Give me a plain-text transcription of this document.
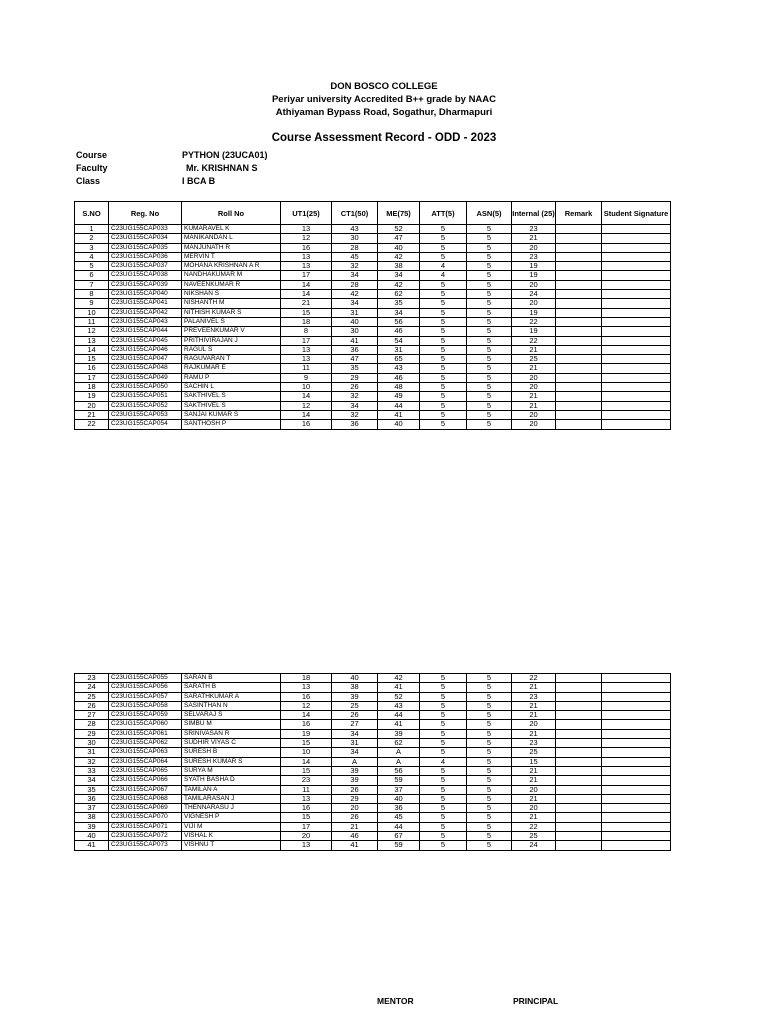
DON BOSCO COLLEGE
Periyar university Accredited B++ grade by NAAC
Athiyaman Bypass Road, Sogathur, Dharmapuri
Course Assessment Record - ODD - 2023
Course	PYTHON (23UCA01)
Faculty	Mr. KRISHNAN S
Class	I BCA B
S.NO	Reg. No	Roll No	UT1(25)	CT1(50)	ME(75)	ATT(5)	ASN(5)	Internal (25)	Remark	Student Signature
1	C23UG155CAP033	KUMARAVEL K	13	43	52	5	5	23		
2	C23UG155CAP034	MANIKANDAN L	12	30	47	5	5	21		
3	C23UG155CAP035	MANJUNATH R	16	28	40	5	5	20		
4	C23UG155CAP036	MERVIN T	13	45	42	5	5	23		
5	C23UG155CAP037	MOHANA KRISHNAN A R	13	32	38	4	5	19		
6	C23UG155CAP038	NANDHAKUMAR M	17	34	34	4	5	19		
7	C23UG155CAP039	NAVEENKUMAR R	14	28	42	5	5	20		
8	C23UG155CAP040	NIKSHAN S	14	42	62	5	5	24		
9	C23UG155CAP041	NISHANTH M	21	34	35	5	5	20		
10	C23UG155CAP042	NITHISH KUMAR S	15	31	34	5	5	19		
11	C23UG155CAP043	PALANIVEL S	18	40	56	5	5	22		
12	C23UG155CAP044	PREVEENKUMAR V	8	30	46	5	5	19		
13	C23UG155CAP045	PRITHIVIRAJAN J	17	41	54	5	5	22		
14	C23UG155CAP046	RAGUL S	13	36	31	5	5	21		
15	C23UG155CAP047	RAGUVARAN T	13	47	65	5	5	25		
16	C23UG155CAP048	RAJKUMAR E	11	35	43	5	5	21		
17	C23UG155CAP049	RAMU P	9	29	46	5	5	20		
18	C23UG155CAP050	SACHIN L	10	26	48	5	5	20		
19	C23UG155CAP051	SAKTHIVEL S	14	32	49	5	5	21		
20	C23UG155CAP052	SAKTHIVEL S	12	34	44	5	5	21		
21	C23UG155CAP053	SANJAI KUMAR S	14	32	41	5	5	20		
22	C23UG155CAP054	SANTHOSH P	16	36	40	5	5	20		
23	C23UG155CAP055	SARAN B	18	40	42	5	5	22		
24	C23UG155CAP056	SARATH B	13	38	41	5	5	21		
25	C23UG155CAP057	SARATHKUMAR A	16	39	52	5	5	23		
26	C23UG155CAP058	SASINTHAN N	12	25	43	5	5	21		
27	C23UG155CAP059	SELVARAJ S	14	26	44	5	5	21		
28	C23UG155CAP060	SIMBU M	16	27	41	5	5	20		
29	C23UG155CAP061	SRINIVASAN R	19	34	39	5	5	21		
30	C23UG155CAP062	SUDHIR VIYAS C	15	31	62	5	5	23		
31	C23UG155CAP063	SURESH B	10	34	A	5	5	25		
32	C23UG155CAP064	SURESH KUMAR S	14	A	A	4	5	15		
33	C23UG155CAP065	SURYA M	15	39	56	5	5	21		
34	C23UG155CAP066	SYATH BASHA D	23	39	59	5	5	21		
35	C23UG155CAP067	TAMILAN A	11	26	37	5	5	20		
36	C23UG155CAP068	TAMILARASAN J	13	29	40	5	5	21		
37	C23UG155CAP069	THENNARASU J	16	20	36	5	5	20		
38	C23UG155CAP070	VIGNESH P	15	26	45	5	5	21		
39	C23UG155CAP071	VIJI M	17	21	44	5	5	22		
40	C23UG155CAP072	VISHAL K	20	46	67	5	5	25		
41	C23UG155CAP073	VISHNU T	13	41	59	5	5	24		
MENTOR	PRINCIPAL
